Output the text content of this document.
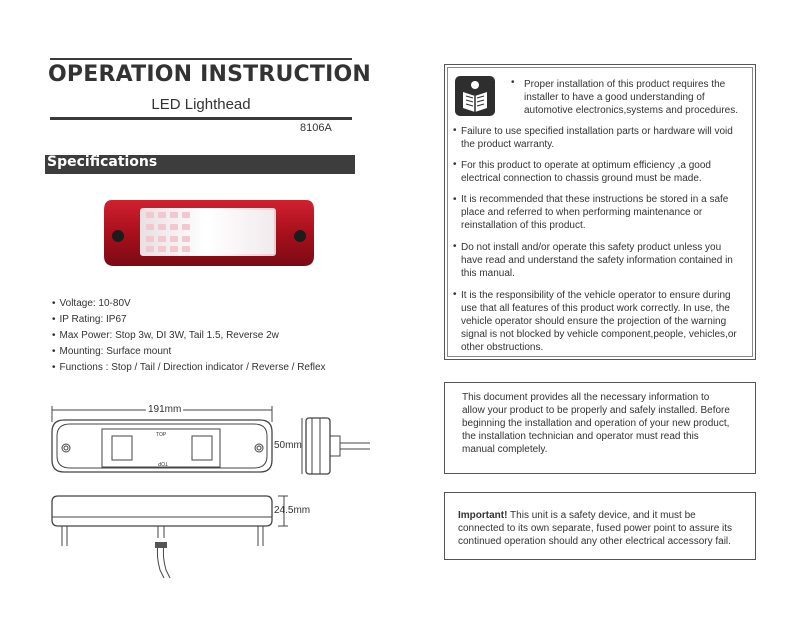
OPERATION INSTRUCTION
LED Lighthead
8106A
Specifications
• Voltage: 10-80V
• IP Rating: IP67
• Max Power: Stop 3w, DI 3W, Tail 1.5, Reverse 2w
• Mounting: Surface mount
• Functions : Stop / Tail / Direction indicator / Reverse / Reflex
TOP
TOP
191mm
50mm
24.5mm
• Proper installation of this product requires the
installer to have a good understanding of
automotive electronics,systems and procedures.
• Failure to use specified installation parts or hardware will void
the product warranty.
• For this product to operate at optimum efficiency ,a good
electrical connection to chassis ground must be made.
• It is recommended that these instructions be stored in a safe
place and referred to when performing maintenance or
reinstallation of this product.
• Do not install and/or operate this safety product unless you
have read and understand the safety information contained in
this manual.
• It is the responsibility of the vehicle operator to ensure during
use that all features of this product work correctly. In use, the
vehicle operator should ensure the projection of the warning
signal is not blocked by vehicle component,people, vehicles,or
other obstructions.
This document provides all the necessary information to
allow your product to be properly and safely installed. Before
beginning the installation and operation of your new product,
the installation technician and operator must read this
manual completely.
Important! This unit is a safety device, and it must be
connected to its own separate, fused power point to assure its
continued operation should any other electrical accessory fail.
